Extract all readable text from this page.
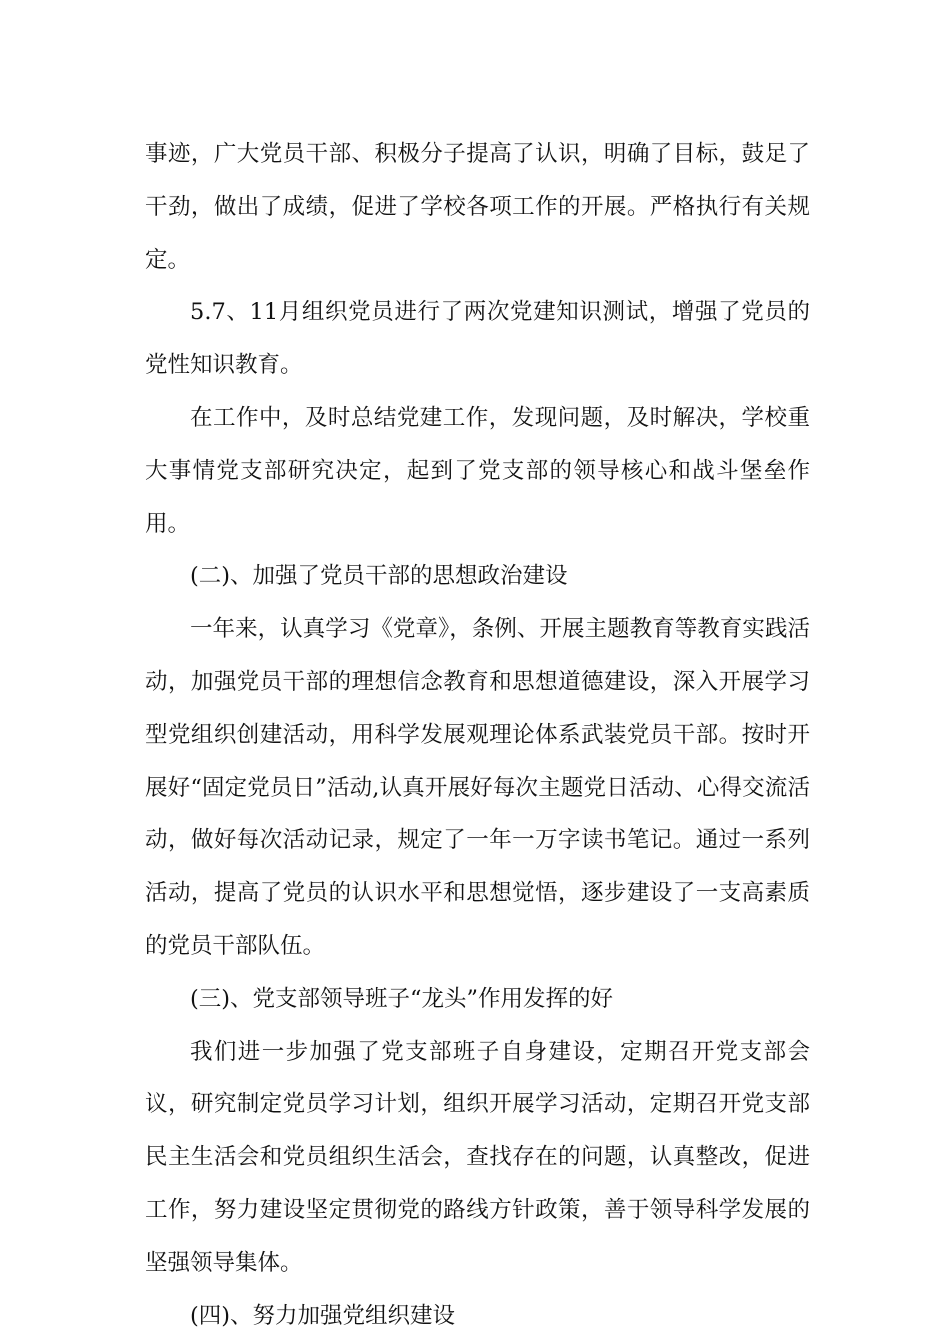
事迹，广大党员干部、积极分子提高了认识，明确了目标，鼓足了干劲，做出了成绩，促进了学校各项工作的开展。严格执行有关规定。

5.7、11月组织党员进行了两次党建知识测试，增强了党员的党性知识教育。

在工作中，及时总结党建工作，发现问题，及时解决，学校重大事情党支部研究决定，起到了党支部的领导核心和战斗堡垒作用。

(二)、加强了党员干部的思想政治建设

一年来，认真学习《党章》，条例、开展主题教育等教育实践活动，加强党员干部的理想信念教育和思想道德建设，深入开展学习型党组织创建活动，用科学发展观理论体系武装党员干部。按时开展好“固定党员日”活动,认真开展好每次主题党日活动、心得交流活动，做好每次活动记录，规定了一年一万字读书笔记。通过一系列活动，提高了党员的认识水平和思想觉悟，逐步建设了一支高素质的党员干部队伍。

(三)、党支部领导班子“龙头”作用发挥的好

我们进一步加强了党支部班子自身建设，定期召开党支部会议，研究制定党员学习计划，组织开展学习活动，定期召开党支部民主生活会和党员组织生活会，查找存在的问题，认真整改，促进工作，努力建设坚定贯彻党的路线方针政策，善于领导科学发展的坚强领导集体。

(四)、努力加强党组织建设
